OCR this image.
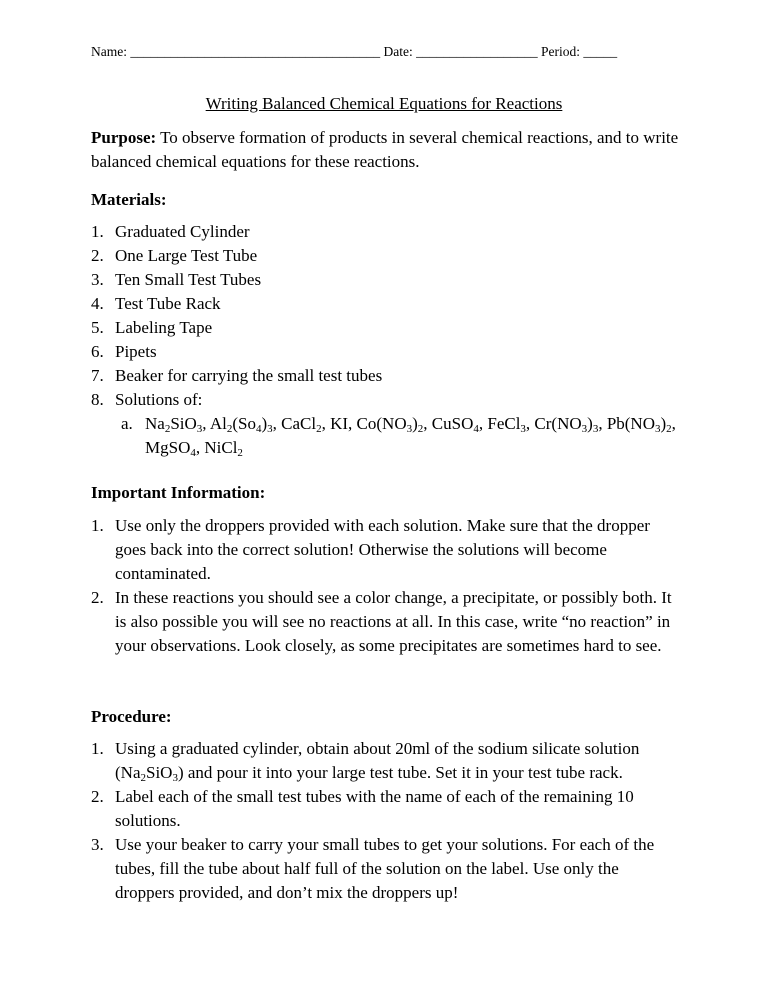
Name: _____________________________________ Date: __________________ Period: _____
Writing Balanced Chemical Equations for Reactions
Purpose: To observe formation of products in several chemical reactions, and to write balanced chemical equations for these reactions.
Materials:
1. Graduated Cylinder
2. One Large Test Tube
3. Ten Small Test Tubes
4. Test Tube Rack
5. Labeling Tape
6. Pipets
7. Beaker for carrying the small test tubes
8. Solutions of:
a. $Na_2SiO_3$, $Al_2(So_4)_3$, CaCl$_2$, KI, $Co(NO_3)_2$, CuSO$_4$, FeCl$_3$, $Cr(NO_3)_3$, $Pb(NO_3)_2$, MgSO$_4$, NiCl$_2$
Important Information:
1. Use only the droppers provided with each solution. Make sure that the dropper goes back into the correct solution! Otherwise the solutions will become contaminated.
2. In these reactions you should see a color change, a precipitate, or possibly both. It is also possible you will see no reactions at all. In this case, write “no reaction” in your observations. Look closely, as some precipitates are sometimes hard to see.
Procedure:
1. Using a graduated cylinder, obtain about 20ml of the sodium silicate solution $(Na_2SiO_3)$ and pour it into your large test tube. Set it in your test tube rack.
2. Label each of the small test tubes with the name of each of the remaining 10 solutions.
3. Use your beaker to carry your small tubes to get your solutions. For each of the tubes, fill the tube about half full of the solution on the label. Use only the droppers provided, and don’t mix the droppers up!
